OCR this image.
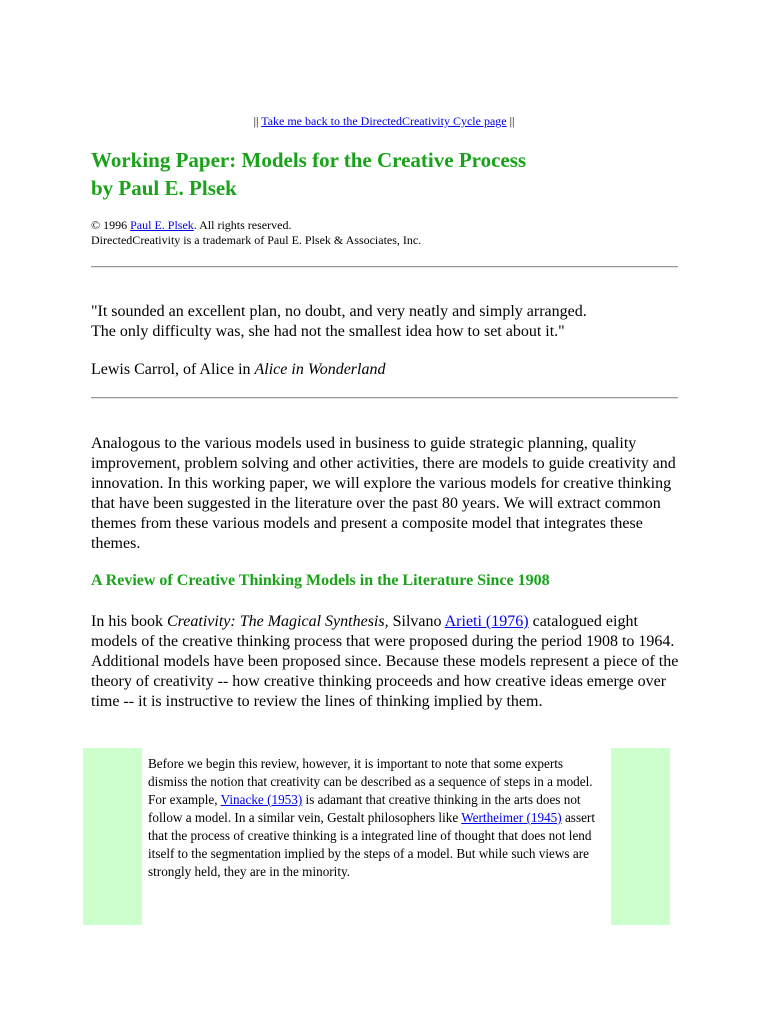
|| Take me back to the DirectedCreativity Cycle page ||
Working Paper: Models for the Creative Process
by Paul E. Plsek
© 1996 Paul E. Plsek. All rights reserved.
DirectedCreativity is a trademark of Paul E. Plsek & Associates, Inc.
"It sounded an excellent plan, no doubt, and very neatly and simply arranged.
The only difficulty was, she had not the smallest idea how to set about it."
Lewis Carrol, of Alice in Alice in Wonderland

Analogous to the various models used in business to guide strategic planning, quality improvement, problem solving and other activities, there are models to guide creativity and innovation. In this working paper, we will explore the various models for creative thinking that have been suggested in the literature over the past 80 years. We will extract common themes from these various models and present a composite model that integrates these themes.

A Review of Creative Thinking Models in the Literature Since 1908

In his book Creativity: The Magical Synthesis, Silvano Arieti (1976) catalogued eight models of the creative thinking process that were proposed during the period 1908 to 1964. Additional models have been proposed since. Because these models represent a piece of the theory of creativity -- how creative thinking proceeds and how creative ideas emerge over time -- it is instructive to review the lines of thinking implied by them.

Before we begin this review, however, it is important to note that some experts dismiss the notion that creativity can be described as a sequence of steps in a model. For example, Vinacke (1953) is adamant that creative thinking in the arts does not follow a model. In a similar vein, Gestalt philosophers like Wertheimer (1945) assert that the process of creative thinking is a integrated line of thought that does not lend itself to the segmentation implied by the steps of a model. But while such views are strongly held, they are in the minority.
